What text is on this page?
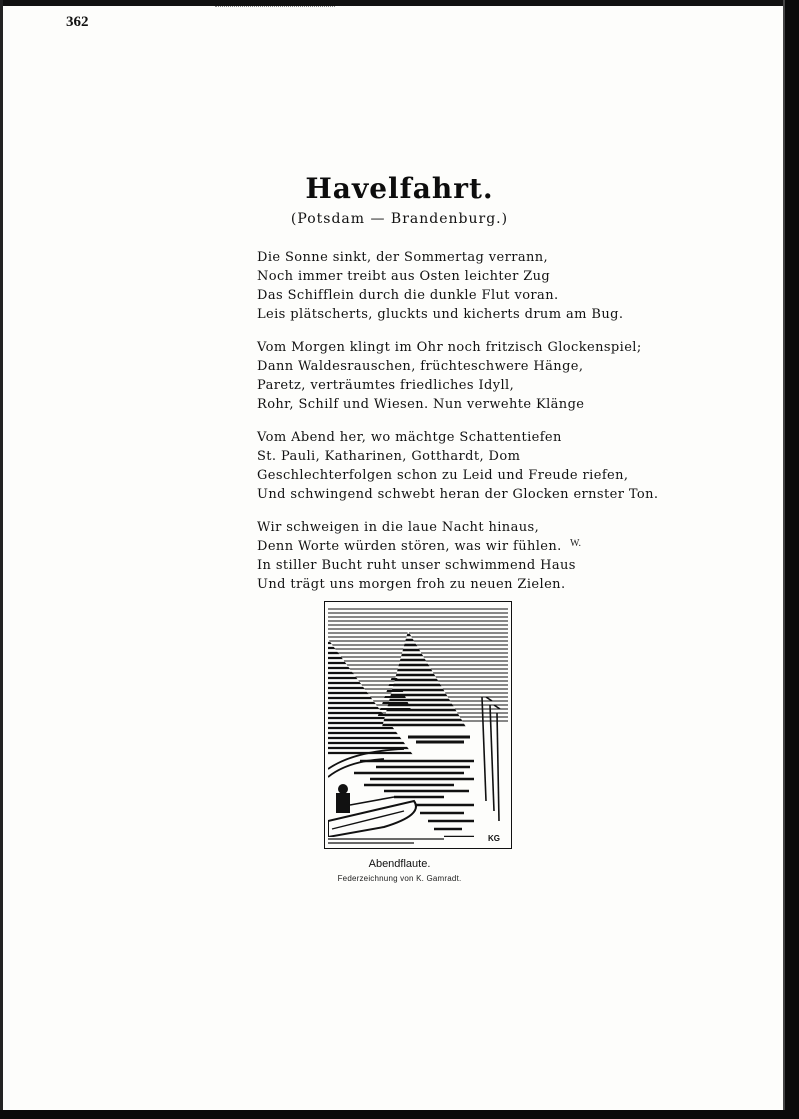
362
Havelfahrt.
(Potsdam — Brandenburg.)
Die Sonne sinkt, der Sommertag verrann,
Noch immer treibt aus Osten leichter Zug
Das Schifflein durch die dunkle Flut voran.
Leis plätscherts, gluckts und kicherts drum am Bug.
Vom Morgen klingt im Ohr noch fritzisch Glockenspiel;
Dann Waldesrauschen, früchteschwere Hänge,
Paretz, verträumtes friedliches Idyll,
Rohr, Schilf und Wiesen. Nun verwehte Klänge
Vom Abend her, wo mächtge Schattentiefen
St. Pauli, Katharinen, Gotthardt, Dom
Geschlechterfolgen schon zu Leid und Freude riefen,
Und schwingend schwebt heran der Glocken ernster Ton.
Wir schweigen in die laue Nacht hinaus,
Denn Worte würden stören, was wir fühlen.
In stiller Bucht ruht unser schwimmend Haus
Und trägt uns morgen froh zu neuen Zielen.
W.
KG
Abendflaute.
Federzeichnung von K. Gamradt.
